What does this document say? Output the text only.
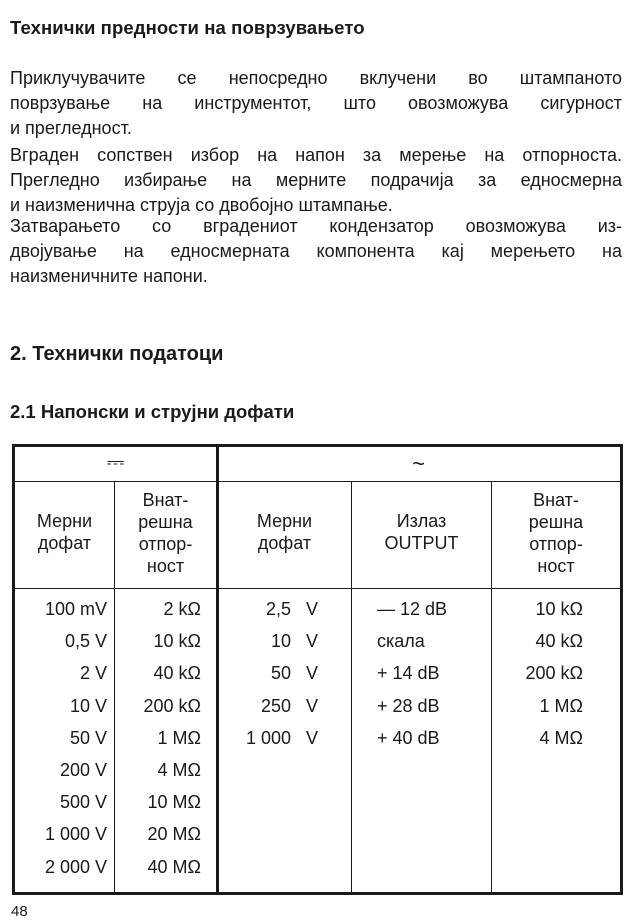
Технички предности на поврзувањето
Приклучувачите се непосредно вклучени во штампаното
поврзување на инструментот, што овозможува сигурност
и прегледност.
Вграден сопствен избор на напон за мерење на отпорноста.
Прегледно избирање на мерните подрачија за едносмерна
и наизменична струја со двобојно штампање.
Затварањето со вградениот кондензатор овозможува из-
двојување на едносмерната компонента кај мерењето на
наизменичните напони.
2. Технички податоци
2.1 Напонски и струјни дофати
⎓	~
Мерни
дофат
Внат-
решна
отпор-
ност
Мерни
дофат
Излаз
OUTPUT
Внат-
решна
отпор-
ност
100 mV
0,5 V
2 V
10 V
50 V
200 V
500 V
1 000 V
2 000 V
2 kΩ
10 kΩ
40 kΩ
200 kΩ
1 MΩ
4 MΩ
10 MΩ
20 MΩ
40 MΩ
2,5 V
10 V
50 V
250 V
1 000 V
— 12 dB
скала
+ 14 dB
+ 28 dB
+ 40 dB
10 kΩ
40 kΩ
200 kΩ
1 MΩ
4 MΩ
48
